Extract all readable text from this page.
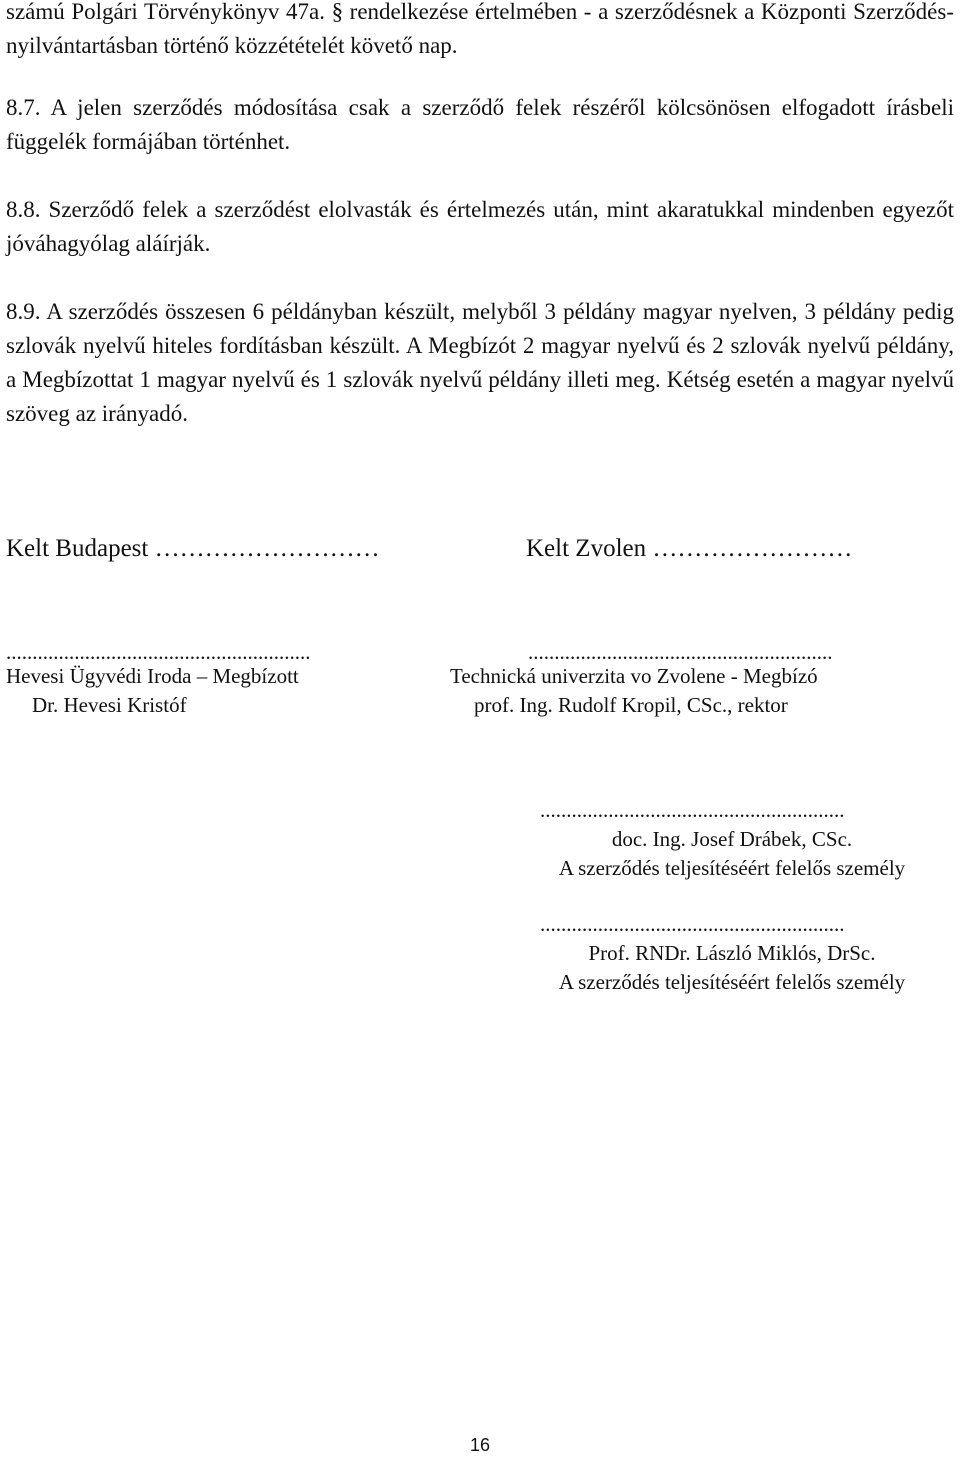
számú Polgári Törvénykönyv 47a. § rendelkezése értelmében - a szerződésnek a Központi Szerződés-nyilvántartásban történő közzétételét követő nap.
8.7. A jelen szerződés módosítása csak a szerződő felek részéről kölcsönösen elfogadott írásbeli függelék formájában történhet.
8.8. Szerződő felek a szerződést elolvasták és értelmezés után, mint akaratukkal mindenben egyezőt jóváhagyólag aláírják.
8.9. A szerződés összesen 6 példányban készült, melyből 3 példány magyar nyelven, 3 példány pedig szlovák nyelvű hiteles fordításban készült. A Megbízót 2 magyar nyelvű és 2 szlovák nyelvű példány, a Megbízottat 1 magyar nyelvű és 1 szlovák nyelvű példány illeti meg. Kétség esetén a magyar nyelvű szöveg az irányadó.
Kelt Budapest ………………………	Kelt Zvolen ……………………
..........................................................	..........................................................
Hevesi Ügyvédi Iroda – Megbízott
Dr. Hevesi Kristóf
Technická univerzita vo Zvolene - Megbízó
prof. Ing. Rudolf Kropil, CSc., rektor
..........................................................
doc. Ing. Josef Drábek, CSc.
A szerződés teljesítéséért felelős személy
..........................................................
Prof. RNDr. László Miklós, DrSc.
A szerződés teljesítéséért felelős személy
16
